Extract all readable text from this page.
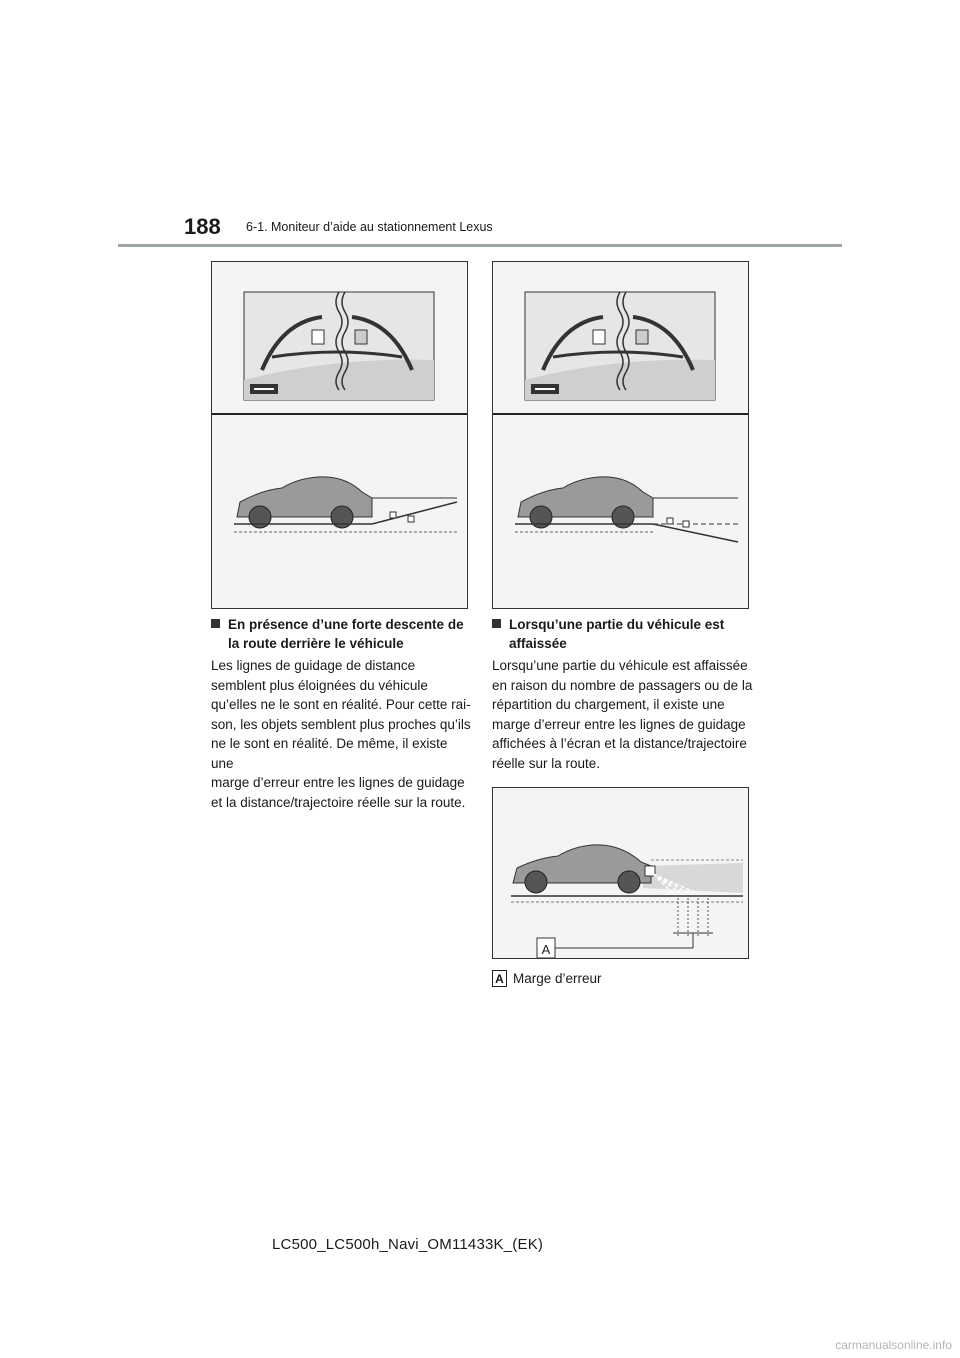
188 6-1. Moniteur d’aide au stationnement Lexus
En présence d’une forte descente de
la route derrière le véhicule
Les lignes de guidage de distance
semblent plus éloignées du véhicule
qu’elles ne le sont en réalité. Pour cette rai-
son, les objets semblent plus proches qu’ils
ne le sont en réalité. De même, il existe une
marge d’erreur entre les lignes de guidage
et la distance/trajectoire réelle sur la route.
Lorsqu’une partie du véhicule est
affaissée
Lorsqu’une partie du véhicule est affaissée
en raison du nombre de passagers ou de la
répartition du chargement, il existe une
marge d’erreur entre les lignes de guidage
affichées à l’écran et la distance/trajectoire
réelle sur la route.
A
A Marge d’erreur
LC500_LC500h_Navi_OM11433K_(EK)
carmanualsonline.info
